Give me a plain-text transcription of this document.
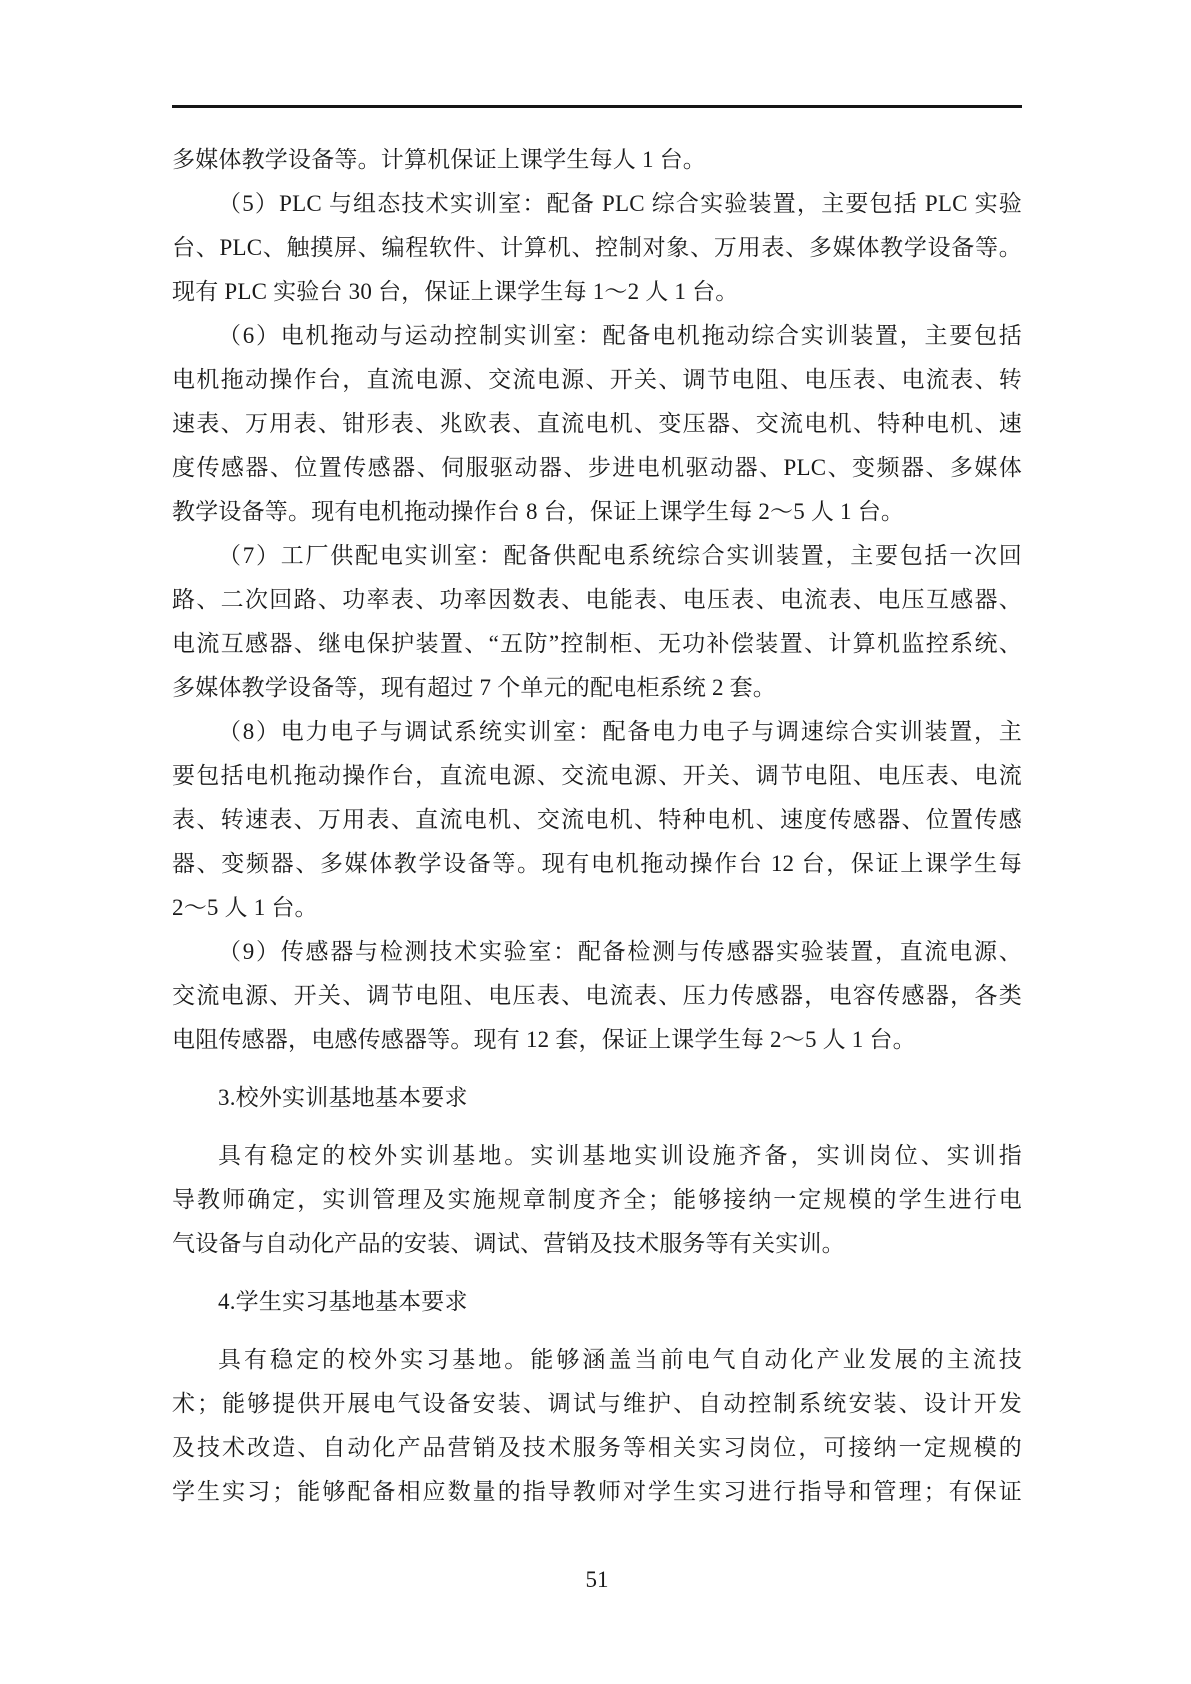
多媒体教学设备等。计算机保证上课学生每人 1 台。
（5）PLC 与组态技术实训室：配备 PLC 综合实验装置，主要包括 PLC 实验
台、PLC、触摸屏、编程软件、计算机、控制对象、万用表、多媒体教学设备等。
现有 PLC 实验台 30 台，保证上课学生每 1～2 人 1 台。
（6）电机拖动与运动控制实训室：配备电机拖动综合实训装置，主要包括
电机拖动操作台，直流电源、交流电源、开关、调节电阻、电压表、电流表、转
速表、万用表、钳形表、兆欧表、直流电机、变压器、交流电机、特种电机、速
度传感器、位置传感器、伺服驱动器、步进电机驱动器、PLC、变频器、多媒体
教学设备等。现有电机拖动操作台 8 台，保证上课学生每 2～5 人 1 台。
（7）工厂供配电实训室：配备供配电系统综合实训装置，主要包括一次回
路、二次回路、功率表、功率因数表、电能表、电压表、电流表、电压互感器、
电流互感器、继电保护装置、“五防”控制柜、无功补偿装置、计算机监控系统、
多媒体教学设备等，现有超过 7 个单元的配电柜系统 2 套。
（8）电力电子与调试系统实训室：配备电力电子与调速综合实训装置，主
要包括电机拖动操作台，直流电源、交流电源、开关、调节电阻、电压表、电流
表、转速表、万用表、直流电机、交流电机、特种电机、速度传感器、位置传感
器、变频器、多媒体教学设备等。现有电机拖动操作台 12 台，保证上课学生每
2～5 人 1 台。
（9）传感器与检测技术实验室：配备检测与传感器实验装置，直流电源、
交流电源、开关、调节电阻、电压表、电流表、压力传感器，电容传感器，各类
电阻传感器，电感传感器等。现有 12 套，保证上课学生每 2～5 人 1 台。
3.校外实训基地基本要求
具有稳定的校外实训基地。实训基地实训设施齐备，实训岗位、实训指
导教师确定，实训管理及实施规章制度齐全；能够接纳一定规模的学生进行电
气设备与自动化产品的安装、调试、营销及技术服务等有关实训。
4.学生实习基地基本要求
具有稳定的校外实习基地。能够涵盖当前电气自动化产业发展的主流技
术；能够提供开展电气设备安装、调试与维护、自动控制系统安装、设计开发
及技术改造、自动化产品营销及技术服务等相关实习岗位，可接纳一定规模的
学生实习；能够配备相应数量的指导教师对学生实习进行指导和管理；有保证
51
